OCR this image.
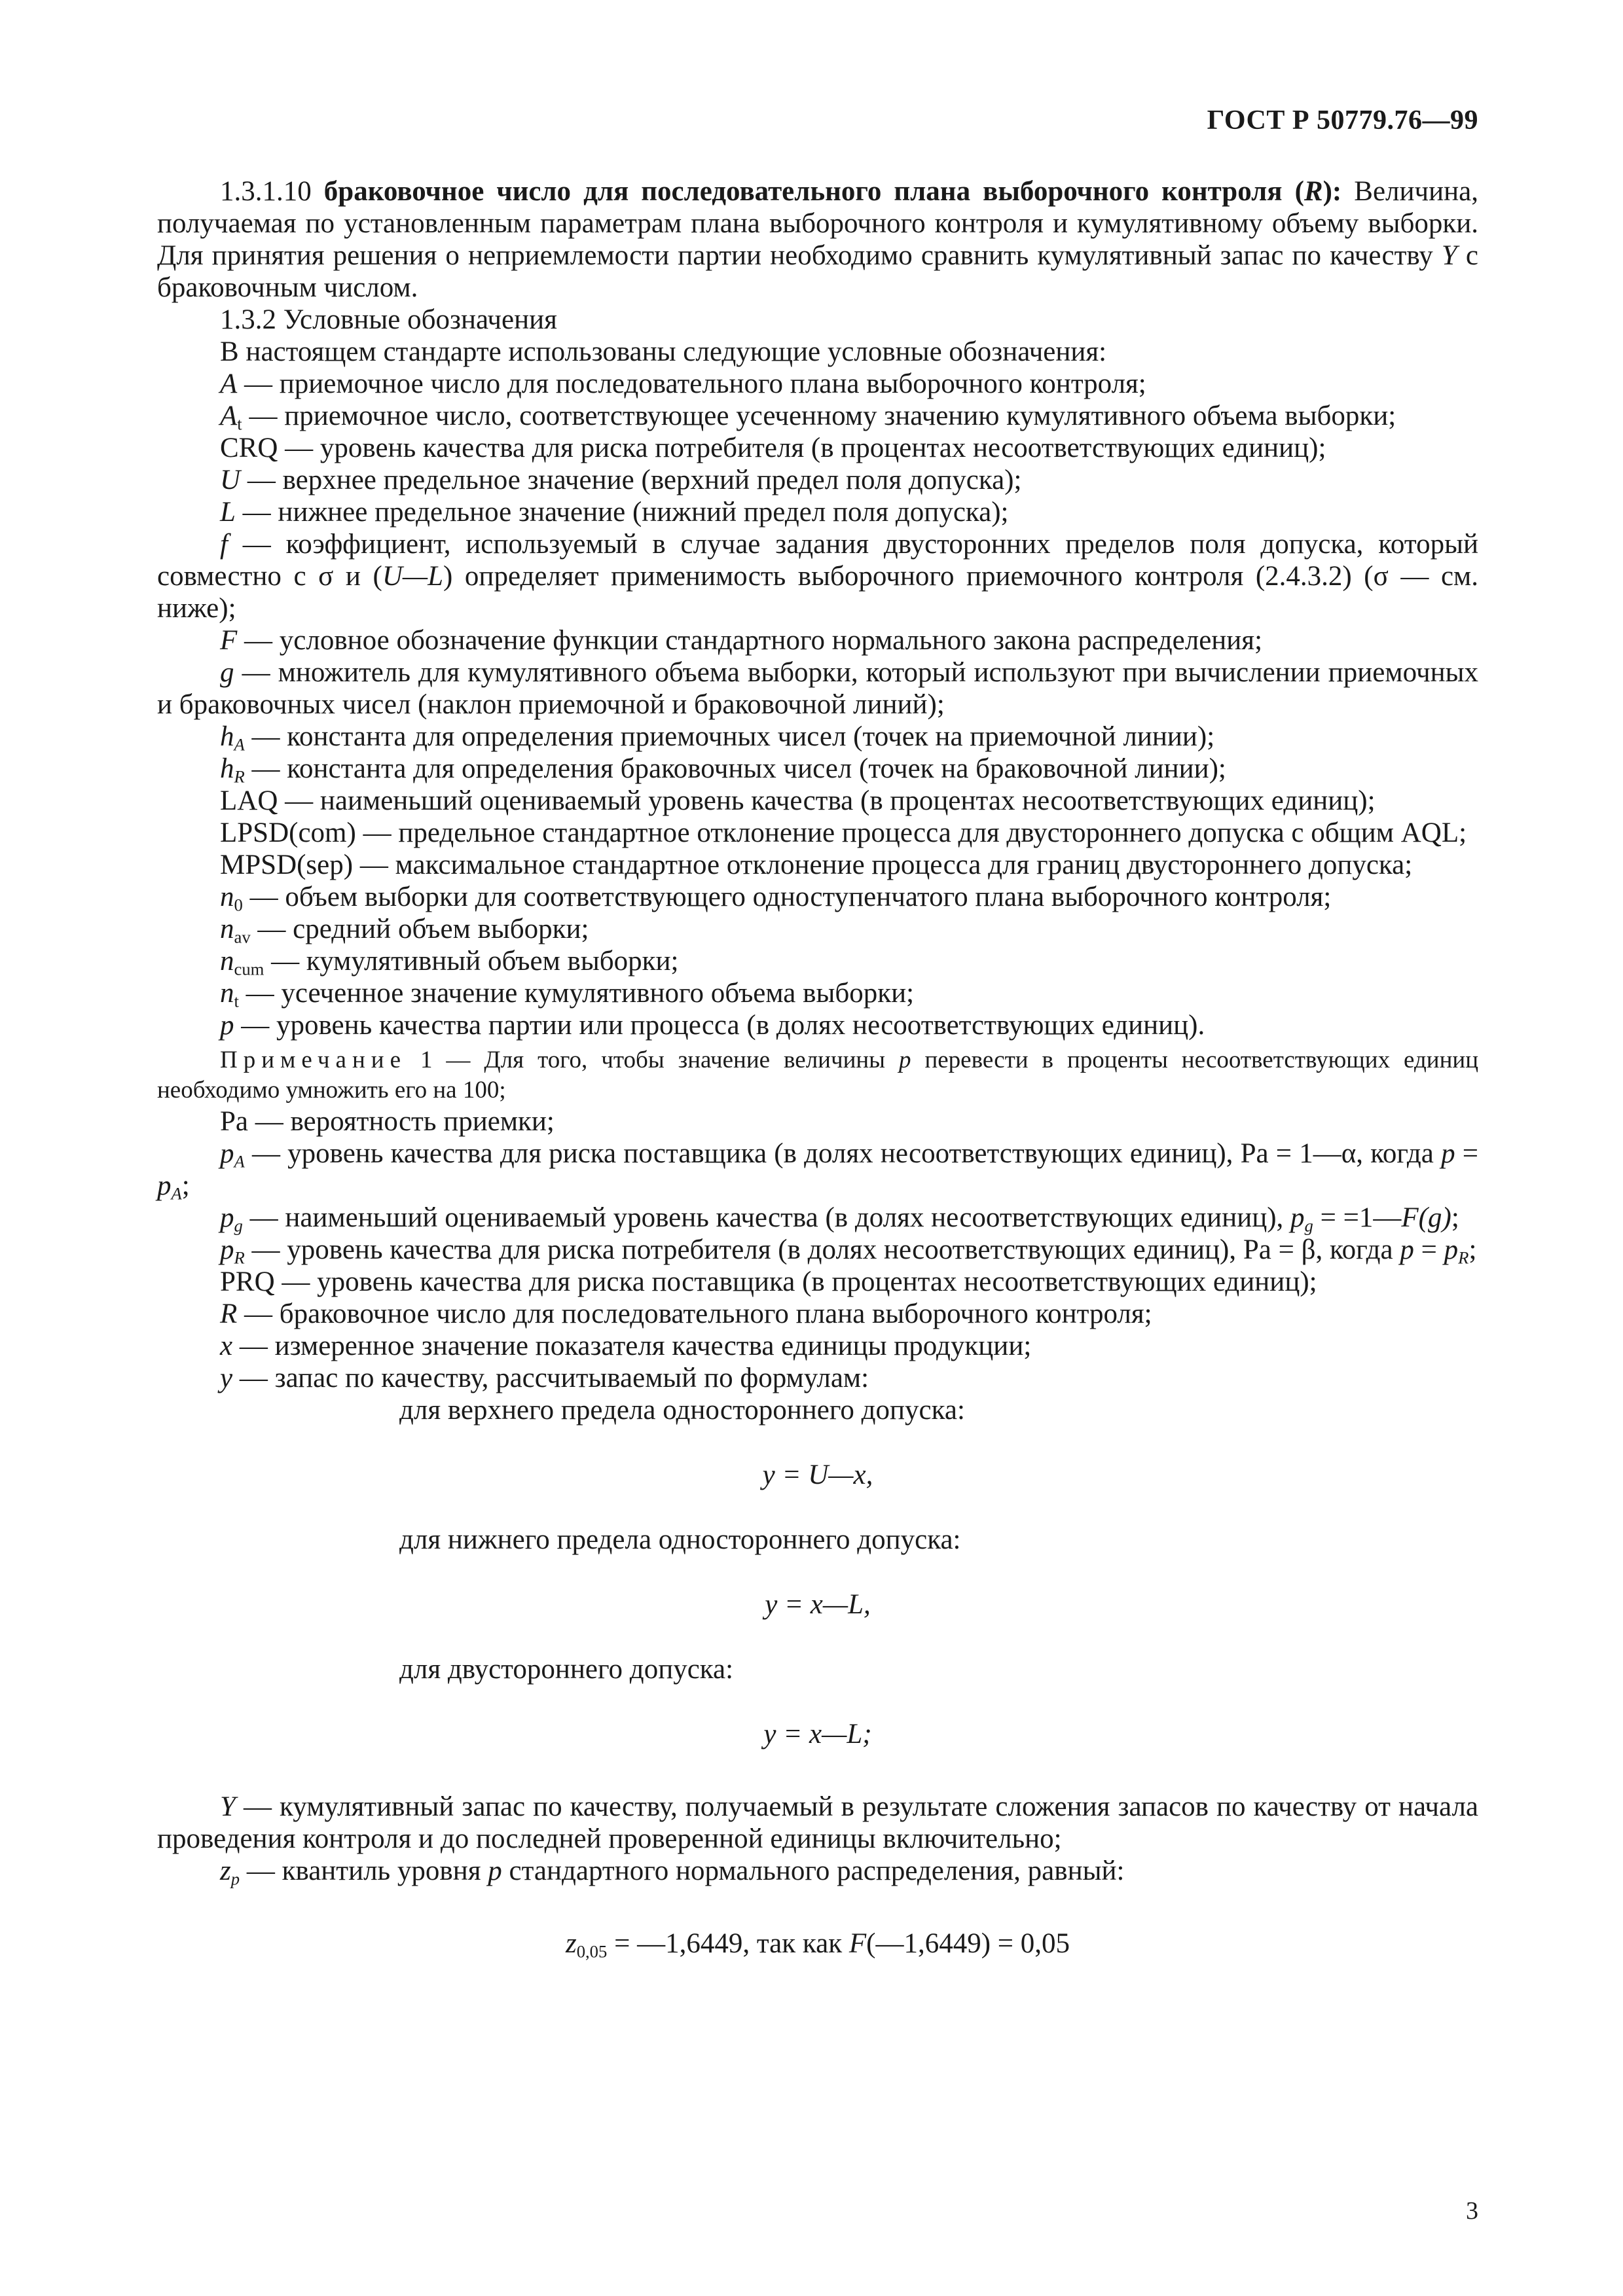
ГОСТ Р 50779.76—99

1.3.1.10 браковочное число для последовательного плана выборочного контроля (R): Величина, получаемая по установленным параметрам плана выборочного контроля и кумулятивному объему выборки. Для принятия решения о неприемлемости партии необходимо сравнить кумулятивный запас по качеству Y с браковочным числом.

1.3.2 Условные обозначения

В настоящем стандарте использованы следующие условные обозначения:

A — приемочное число для последовательного плана выборочного контроля;

$A_t$ — приемочное число, соответствующее усеченному значению кумулятивного объема выборки;

CRQ — уровень качества для риска потребителя (в процентах несоответствующих единиц);

U — верхнее предельное значение (верхний предел поля допуска);

L — нижнее предельное значение (нижний предел поля допуска);

f — коэффициент, используемый в случае задания двусторонних пределов поля допуска, который совместно с σ и (U—L) определяет применимость выборочного приемочного контроля (2.4.3.2) (σ — см. ниже);

F — условное обозначение функции стандартного нормального закона распределения;

g — множитель для кумулятивного объема выборки, который используют при вычислении приемочных и браковочных чисел (наклон приемочной и браковочной линий);

$h_A$ — константа для определения приемочных чисел (точек на приемочной линии);

$h_R$ — константа для определения браковочных чисел (точек на браковочной линии);

LAQ — наименьший оцениваемый уровень качества (в процентах несоответствующих единиц);

LPSD(com) — предельное стандартное отклонение процесса для двустороннего допуска с общим AQL;

MPSD(sep) — максимальное стандартное отклонение процесса для границ двустороннего допуска;

$n_0$ — объем выборки для соответствующего одноступенчатого плана выборочного контроля;

$n_{av}$ — средний объем выборки;

$n_{cum}$ — кумулятивный объем выборки;

$n_t$ — усеченное значение кумулятивного объема выборки;

p — уровень качества партии или процесса (в долях несоответствующих единиц).

Примечание 1 — Для того, чтобы значение величины p перевести в проценты несоответствующих единиц необходимо умножить его на 100;

Pa — вероятность приемки;

$p_A$ — уровень качества для риска поставщика (в долях несоответствующих единиц), Pa = 1—α, когда $p = p_A$;

$p_g$ — наименьший оцениваемый уровень качества (в долях несоответствующих единиц), $p_g$ = =1—F(g);

$p_R$ — уровень качества для риска потребителя (в долях несоответствующих единиц), Pa = β, когда $p = p_R$;

PRQ — уровень качества для риска поставщика (в процентах несоответствующих единиц);

R — браковочное число для последовательного плана выборочного контроля;

x — измеренное значение показателя качества единицы продукции;

y — запас по качеству, рассчитываемый по формулам:

для верхнего предела одностороннего допуска:

y = U—x,

для нижнего предела одностороннего допуска:

y = x—L,

для двустороннего допуска:

y = x—L;

Y — кумулятивный запас по качеству, получаемый в результате сложения запасов по качеству от начала проведения контроля и до последней проверенной единицы включительно;

$z_p$ — квантиль уровня p стандартного нормального распределения, равный:

$z_{0,05}$ = —1,6449, так как F(—1,6449) = 0,05

3
